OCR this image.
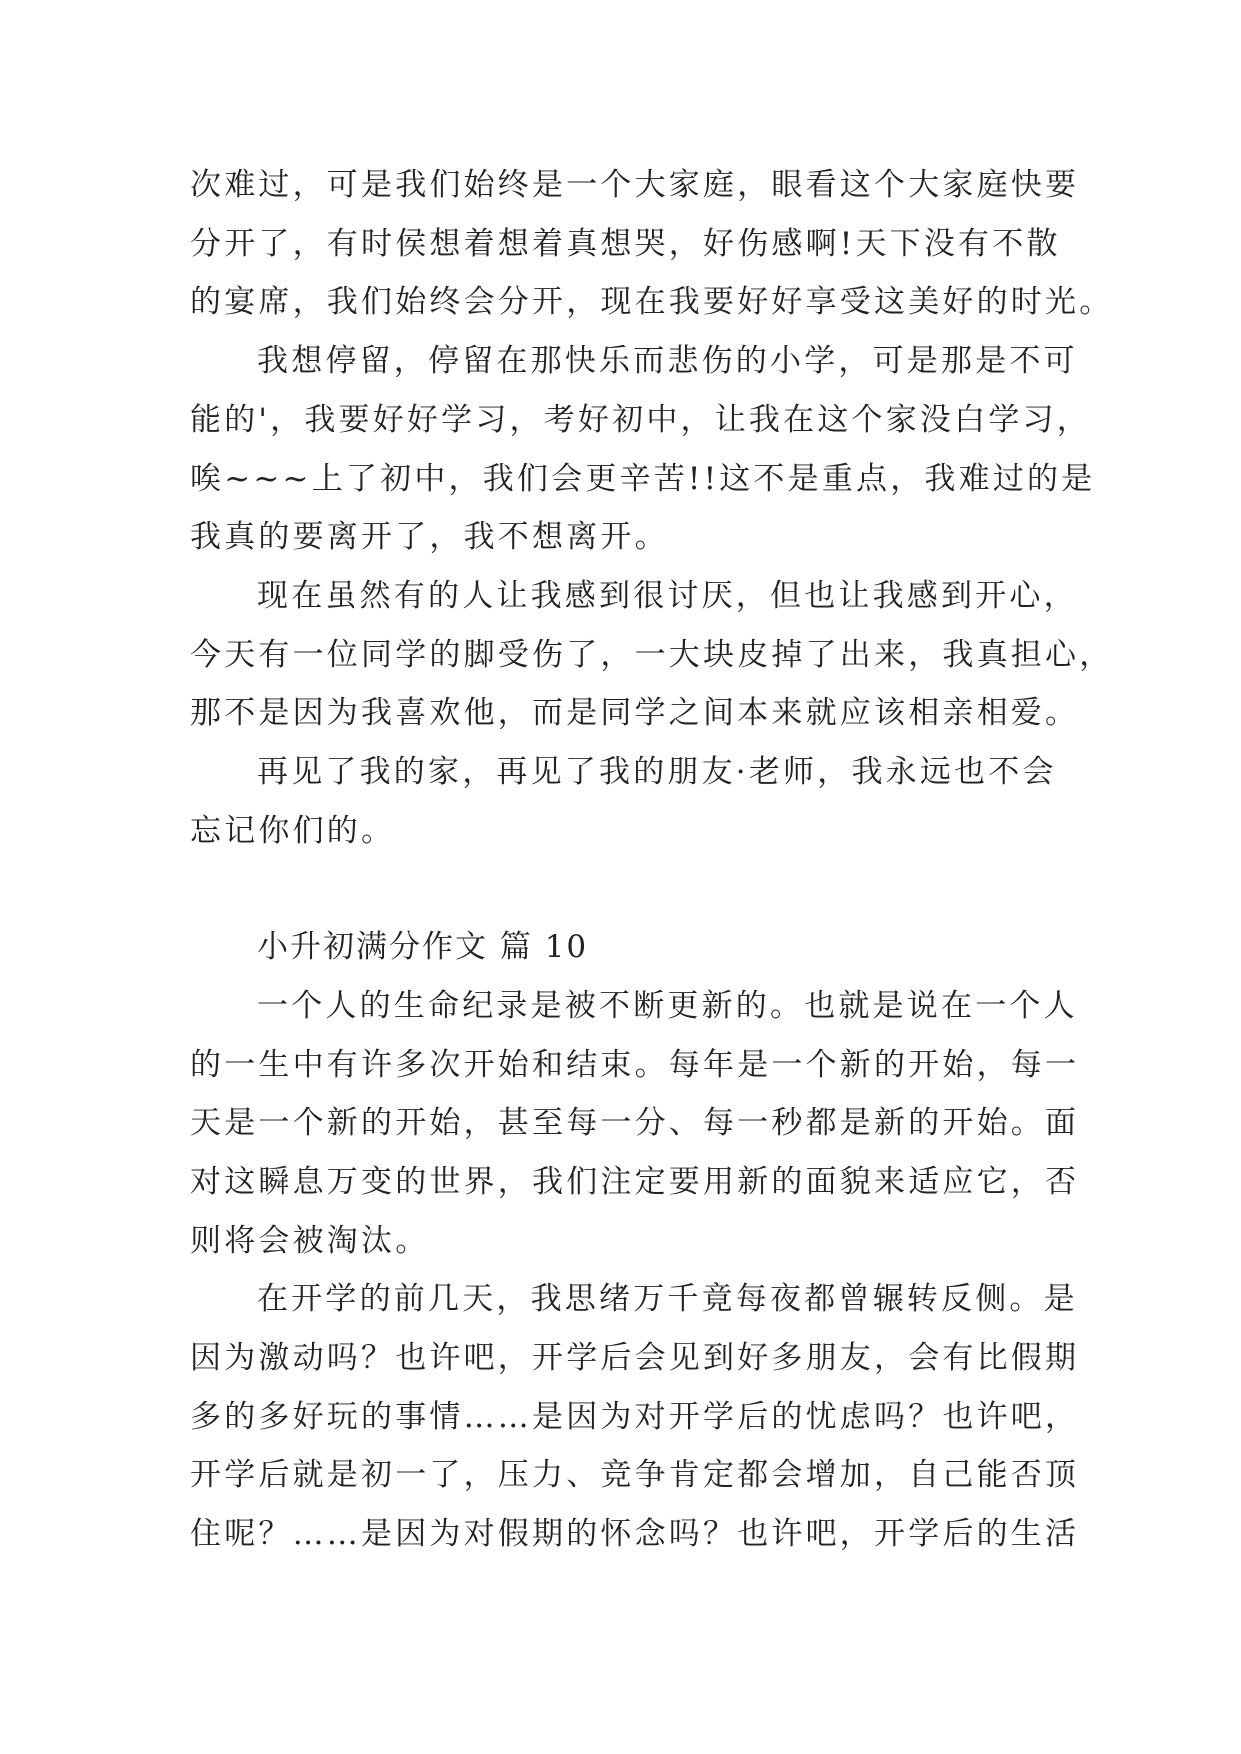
次难过，可是我们始终是一个大家庭，眼看这个大家庭快要
分开了，有时侯想着想着真想哭，好伤感啊!天下没有不散
的宴席，我们始终会分开，现在我要好好享受这美好的时光。
我想停留，停留在那快乐而悲伤的小学，可是那是不可
能的'，我要好好学习，考好初中，让我在这个家没白学习，
唉~~~上了初中，我们会更辛苦!!这不是重点，我难过的是
我真的要离开了，我不想离开。
现在虽然有的人让我感到很讨厌，但也让我感到开心，
今天有一位同学的脚受伤了，一大块皮掉了出来，我真担心，
那不是因为我喜欢他，而是同学之间本来就应该相亲相爱。
再见了我的家，再见了我的朋友·老师，我永远也不会
忘记你们的。
小升初满分作文 篇 10
一个人的生命纪录是被不断更新的。也就是说在一个人
的一生中有许多次开始和结束。每年是一个新的开始，每一
天是一个新的开始，甚至每一分、每一秒都是新的开始。面
对这瞬息万变的世界，我们注定要用新的面貌来适应它，否
则将会被淘汰。
在开学的前几天，我思绪万千竟每夜都曾辗转反侧。是
因为激动吗？也许吧，开学后会见到好多朋友，会有比假期
多的多好玩的事情……是因为对开学后的忧虑吗？也许吧，
开学后就是初一了，压力、竞争肯定都会增加，自己能否顶
住呢？……是因为对假期的怀念吗？也许吧，开学后的生活
